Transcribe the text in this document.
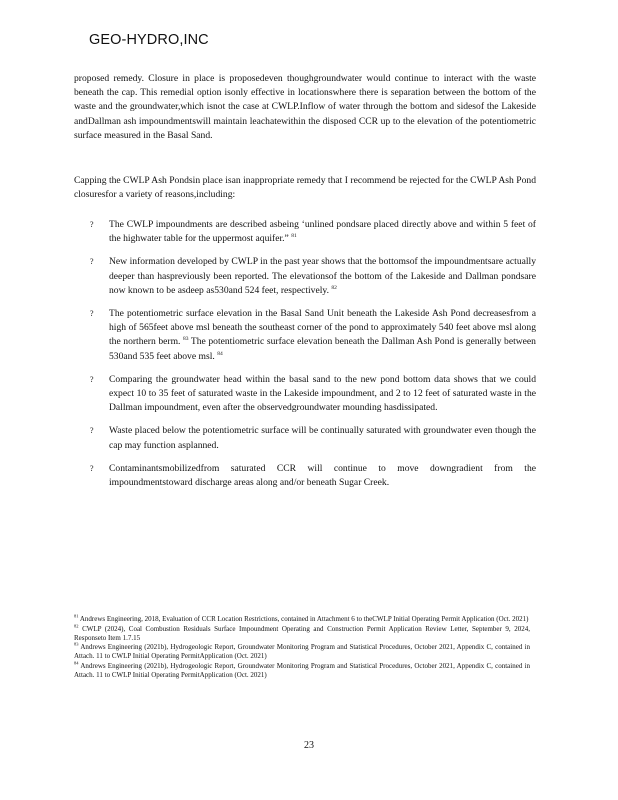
GEO-HYDRO,INC
proposed remedy. Closure in place is proposedeven thoughgroundwater would continue to interact with the waste beneath the cap. This remedial option isonly effective in locationswhere there is separation between the bottom of the waste and the groundwater,which isnot the case at CWLP.Inflow of water through the bottom and sidesof the Lakeside andDallman ash impoundmentswill maintain leachatewithin the disposed CCR up to the elevation of the potentiometric surface measured in the Basal Sand.
Capping the CWLP Ash Pondsin place isan inappropriate remedy that I recommend be rejected for the CWLP Ash Pond closuresfor a variety of reasons,including:
? The CWLP impoundments are described asbeing ‘unlined pondsare placed directly above and within 5 feet of the highwater table for the uppermost aquifer.” $^{81}$
? New information developed by CWLP in the past year shows that the bottomsof the impoundmentsare actually deeper than haspreviously been reported. The elevationsof the bottom of the Lakeside and Dallman pondsare now known to be asdeep as530and 524 feet, respectively. $^{82}$
? The potentiometric surface elevation in the Basal Sand Unit beneath the Lakeside Ash Pond decreasesfrom a high of 565feet above msl beneath the southeast corner of the pond to approximately 540 feet above msl along the northern berm. $^{83}$ The potentiometric surface elevation beneath the Dallman Ash Pond is generally between 530and 535 feet above msl. $^{84}$
? Comparing the groundwater head within the basal sand to the new pond bottom data shows that we could expect 10 to 35 feet of saturated waste in the Lakeside impoundment, and 2 to 12 feet of saturated waste in the Dallman impoundment, even after the observedgroundwater mounding hasdissipated.
? Waste placed below the potentiometric surface will be continually saturated with groundwater even though the cap may function asplanned.
? Contaminantsmobilizedfrom saturated CCR will continue to move downgradient from the impoundmentstoward discharge areas along and/or beneath Sugar Creek.
$^{81}$ Andrews Engineering, 2018, Evaluation of CCR Location Restrictions, contained in Attachment 6 to theCWLP Initial Operating Permit Application (Oct. 2021)
$^{82}$ CWLP (2024), Coal Combustion Residuals Surface Impoundment Operating and Construction Permit Application Review Letter, September 9, 2024, Responseto Item 1.7.15
$^{83}$ Andrews Engineering (2021b), Hydrogeologic Report, Groundwater Monitoring Program and Statistical Procedures, October 2021, Appendix C, contained in Attach. 11 to CWLP Initial Operating PermitApplication (Oct. 2021)
$^{84}$ Andrews Engineering (2021b), Hydrogeologic Report, Groundwater Monitoring Program and Statistical Procedures, October 2021, Appendix C, contained in Attach. 11 to CWLP Initial Operating PermitApplication (Oct. 2021)
23
